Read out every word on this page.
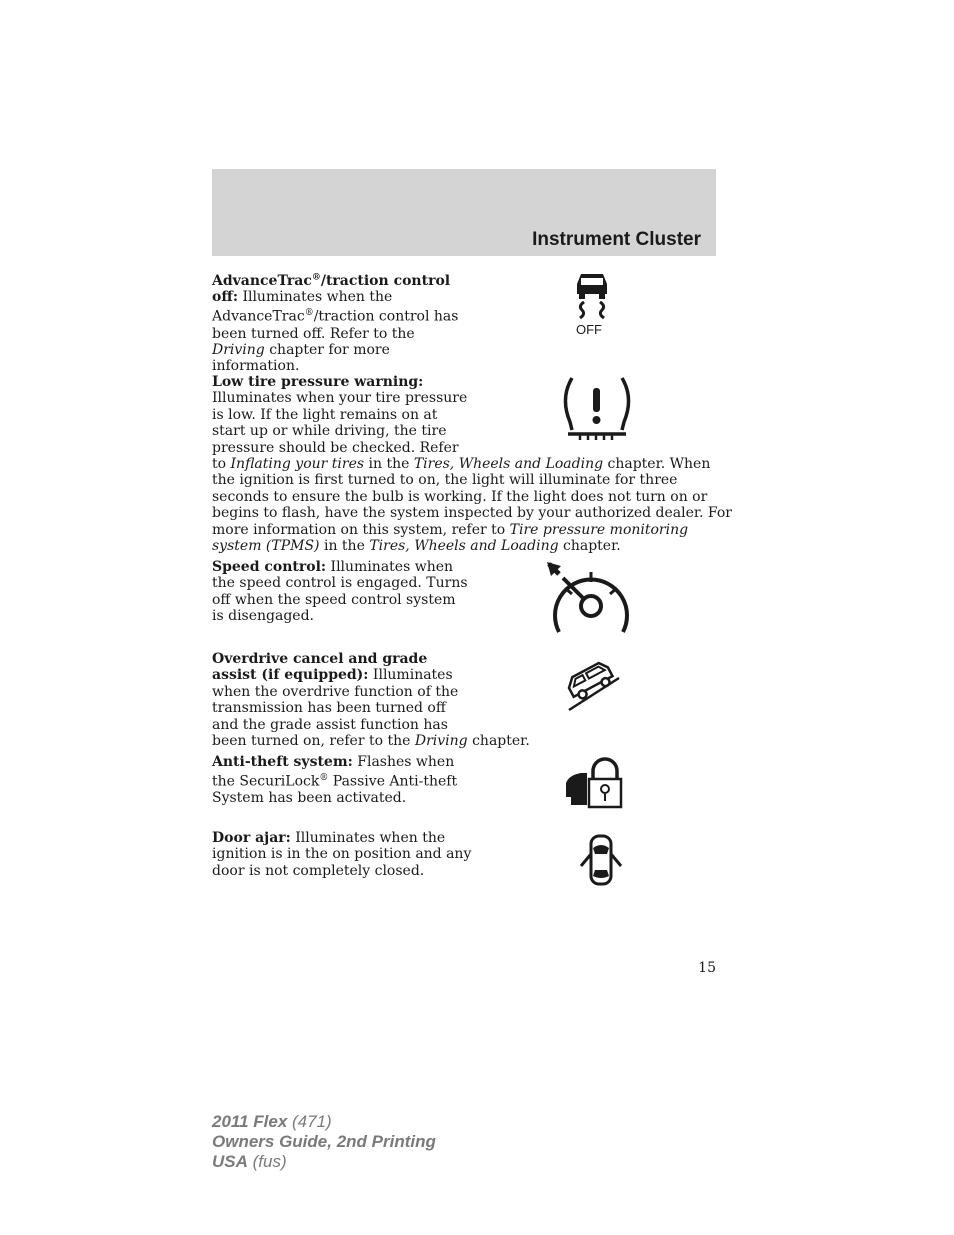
Instrument Cluster

AdvanceTrac®/traction control
off: Illuminates when the
AdvanceTrac®/traction control has
been turned off. Refer to the
Driving chapter for more
information.

OFF

Low tire pressure warning:
Illuminates when your tire pressure
is low. If the light remains on at
start up or while driving, the tire
pressure should be checked. Refer
to Inflating your tires in the Tires, Wheels and Loading chapter. When
the ignition is first turned to on, the light will illuminate for three
seconds to ensure the bulb is working. If the light does not turn on or
begins to flash, have the system inspected by your authorized dealer. For
more information on this system, refer to Tire pressure monitoring
system (TPMS) in the Tires, Wheels and Loading chapter.

Speed control: Illuminates when
the speed control is engaged. Turns
off when the speed control system
is disengaged.

Overdrive cancel and grade
assist (if equipped): Illuminates
when the overdrive function of the
transmission has been turned off
and the grade assist function has
been turned on, refer to the Driving chapter.

Anti-theft system: Flashes when
the SecuriLock® Passive Anti-theft
System has been activated.

Door ajar: Illuminates when the
ignition is in the on position and any
door is not completely closed.

15
2011 Flex (471)
Owners Guide, 2nd Printing
USA (fus)
